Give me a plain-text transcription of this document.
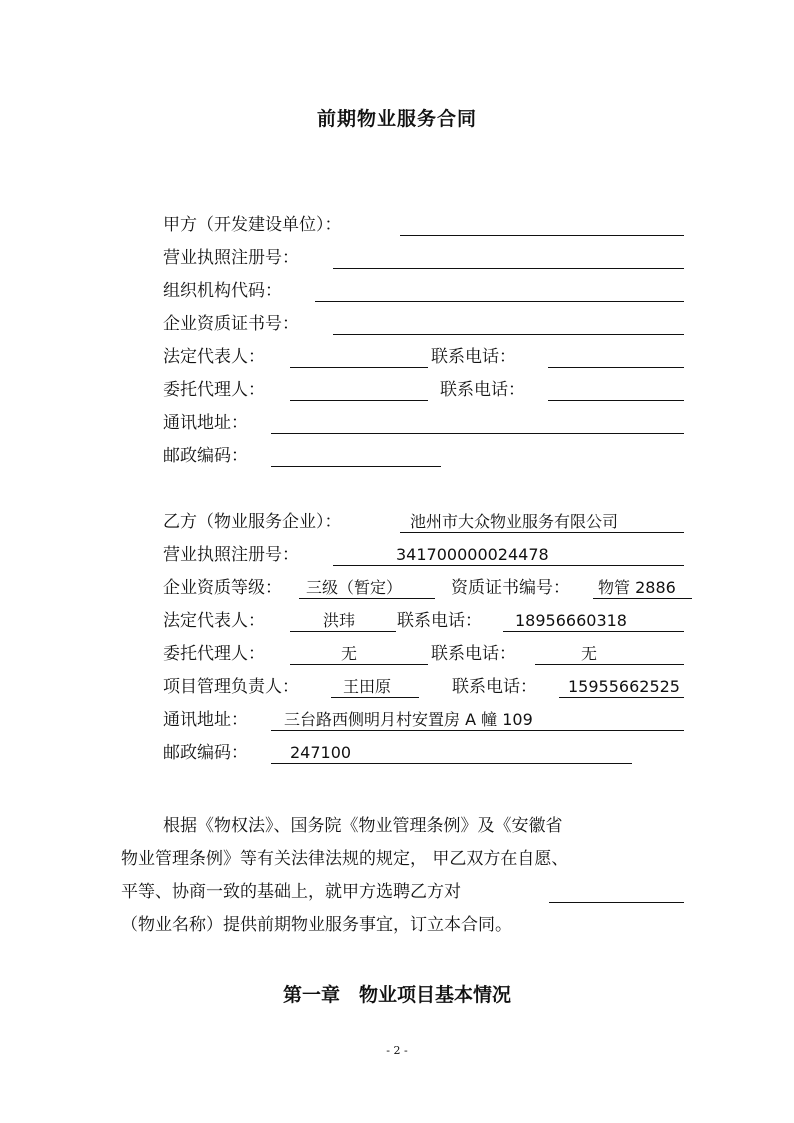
前期物业服务合同
甲方（开发建设单位）：
营业执照注册号：
组织机构代码：
企业资质证书号：
法定代表人：	联系电话：
委托代理人：	联系电话：
通讯地址：
邮政编码：
乙方（物业服务企业）：	池州市大众物业服务有限公司
营业执照注册号：	341700000024478
企业资质等级： 三级（暂定）	资质证书编号： 物管 2886
法定代表人：	洪玮 联系电话： 18956660318
委托代理人：	无	联系电话：	无
项目管理负责人：	王田原	联系电话： 15955662525
通讯地址： 三台路西侧明月村安置房 A 幢 109
邮政编码：	247100
根据《物权法》、国务院《物业管理条例》及《安徽省
物业管理条例》等有关法律法规的规定， 甲乙双方在自愿、
平等、协商一致的基础上，就甲方选聘乙方对
（物业名称）提供前期物业服务事宜，订立本合同。
第一章　物业项目基本情况
- 2 -
